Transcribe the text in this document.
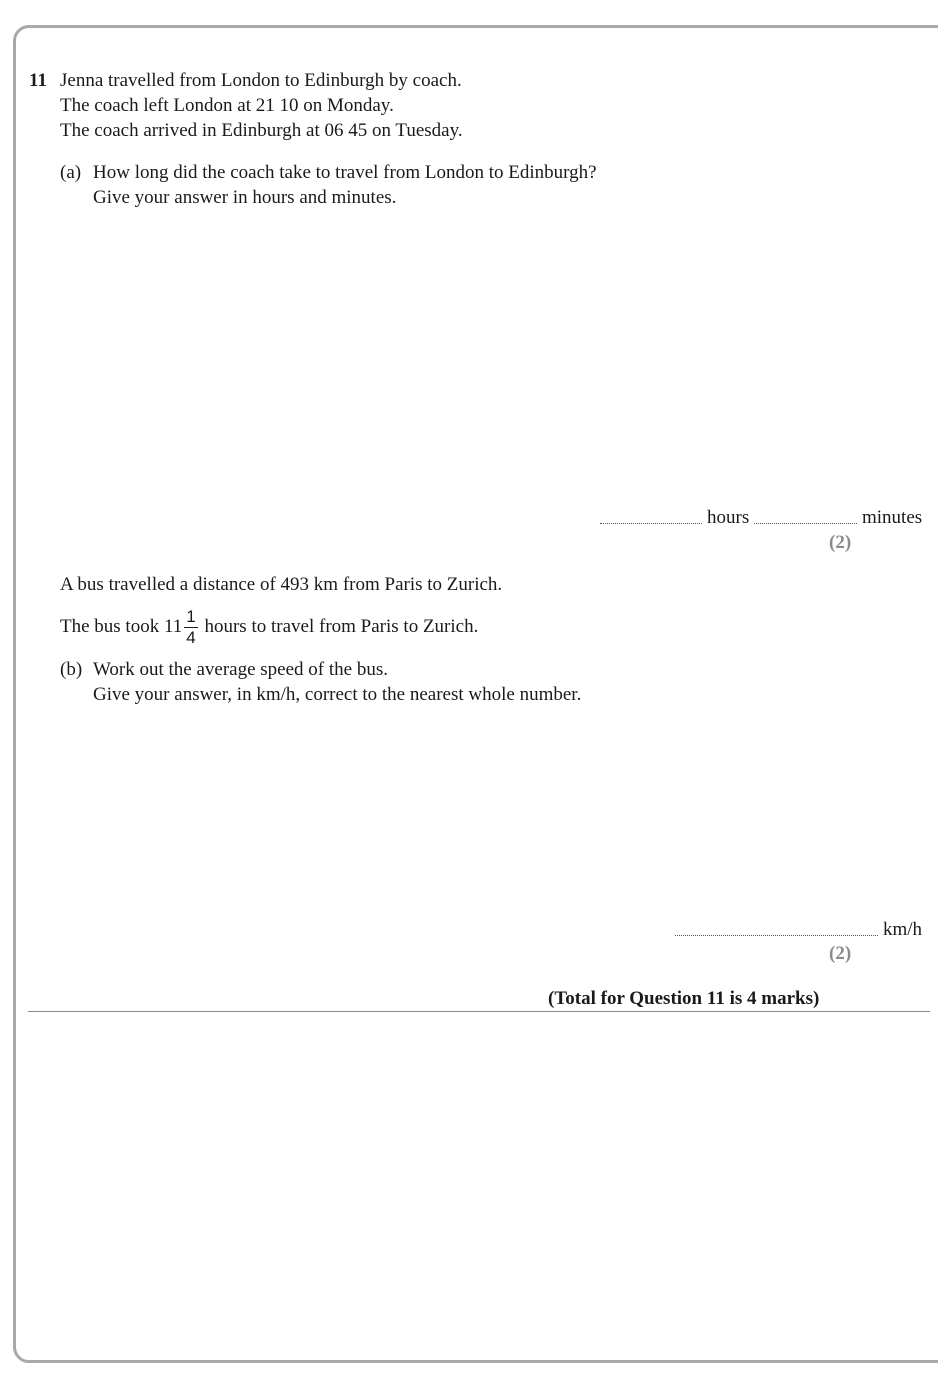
11 Jenna travelled from London to Edinburgh by coach.
The coach left London at 21 10 on Monday.
The coach arrived in Edinburgh at 06 45 on Tuesday.
(a) How long did the coach take to travel from London to Edinburgh?
Give your answer in hours and minutes.
hours	minutes
(2)
A bus travelled a distance of 493 km from Paris to Zurich.
The bus took $11 \frac{1}{4}$ hours to travel from Paris to Zurich.
(b) Work out the average speed of the bus.
Give your answer, in km/h, correct to the nearest whole number.
km/h
(2)
(Total for Question 11 is 4 marks)
